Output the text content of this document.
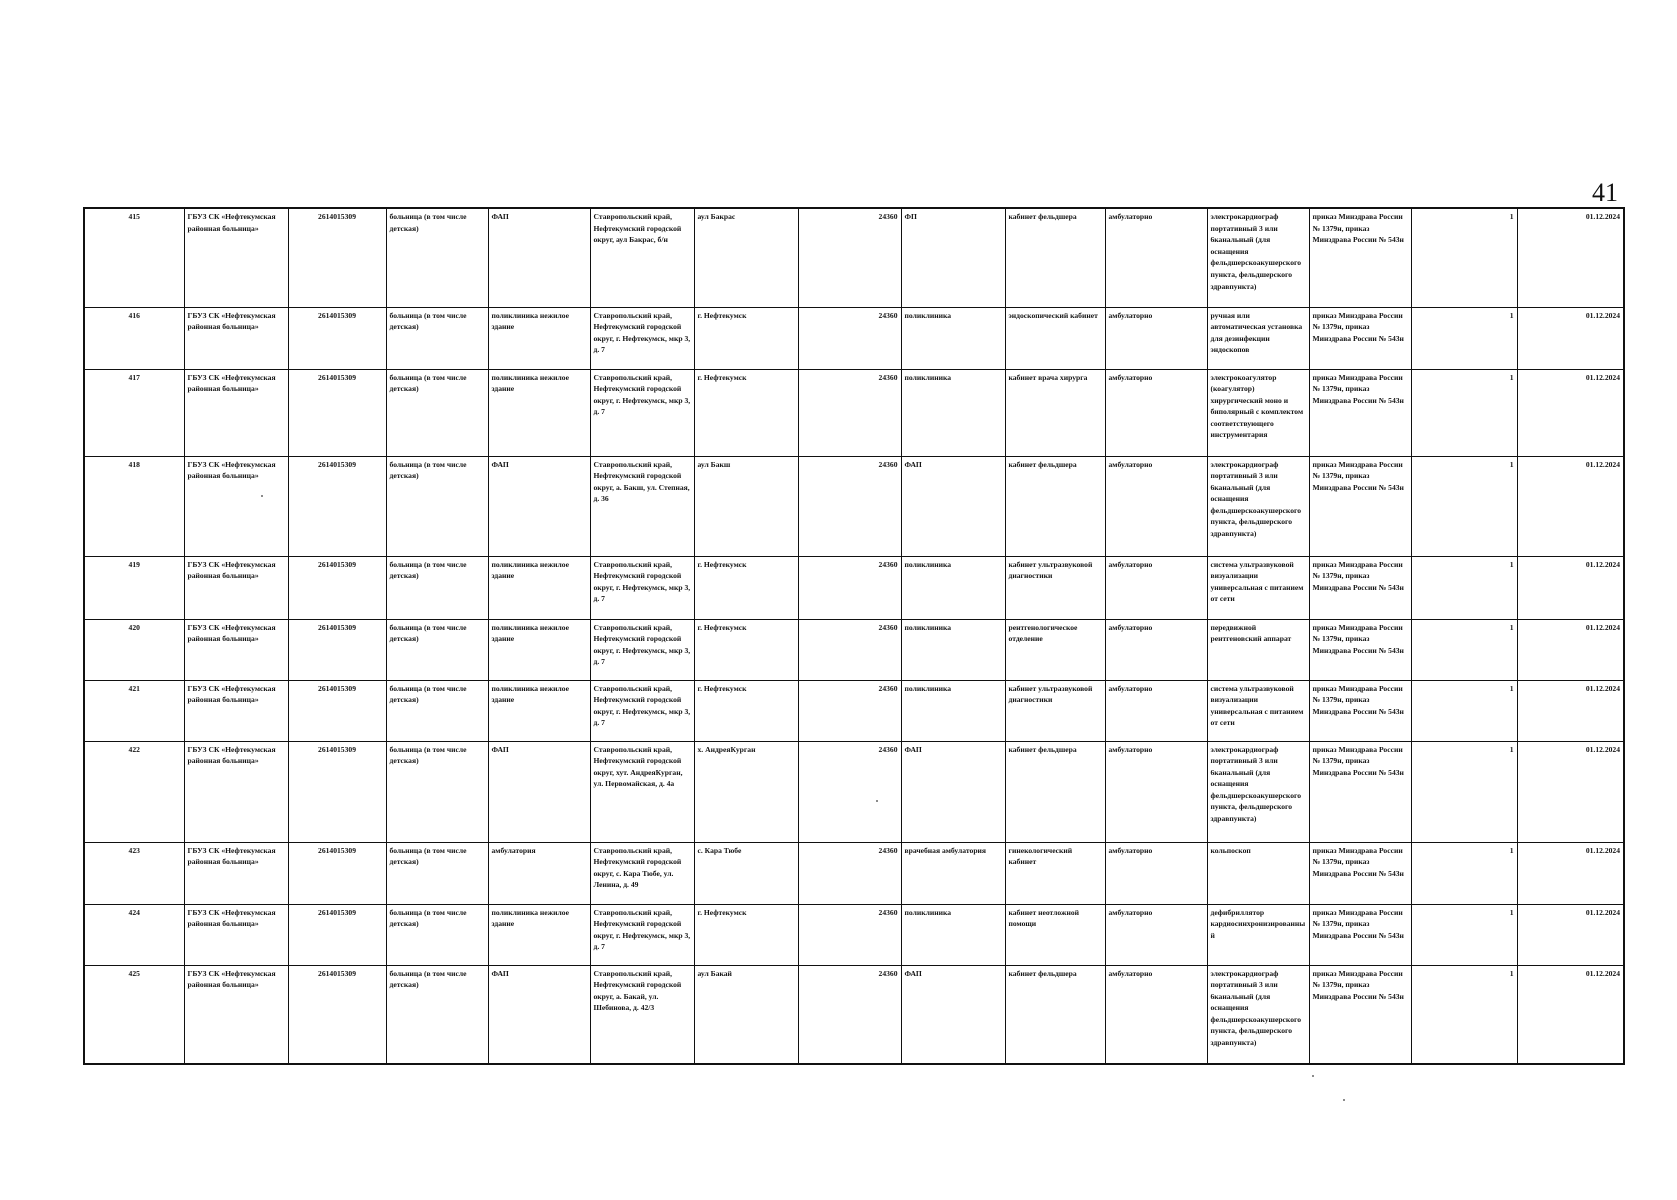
41
415	ГБУЗ СК «Нефтекумская районная больница»	2614015309	больница (в том числе детская)	ФАП	Ставропольский край, Нефтекумский городской округ, аул Бакрас, б/н	аул Бакрас	24360	ФП	кабинет фельдшера	амбулаторно	электрокардиограф портативный 3 или 6канальный (для оснащения фельдшерскоакушерского пункта, фельдшерского здравпункта)	приказ Минздрава России № 1379н, приказ Минздрава России № 543н	1	01.12.2024
416	ГБУЗ СК «Нефтекумская районная больница»	2614015309	больница (в том числе детская)	поликлиника нежилое здание	Ставропольский край, Нефтекумский городской округ, г. Нефтекумск, мкр 3, д. 7	г. Нефтекумск	24360	поликлиника	эндоскопический кабинет	амбулаторно	ручная или автоматическая установка для дезинфекции эндоскопов	приказ Минздрава России № 1379н, приказ Минздрава России № 543н	1	01.12.2024
417	ГБУЗ СК «Нефтекумская районная больница»	2614015309	больница (в том числе детская)	поликлиника нежилое здание	Ставропольский край, Нефтекумский городской округ, г. Нефтекумск, мкр 3, д. 7	г. Нефтекумск	24360	поликлиника	кабинет врача хирурга	амбулаторно	электрокоагулятор (коагулятор) хирургический моно и биполярный с комплектом соответствующего инструментария	приказ Минздрава России № 1379н, приказ Минздрава России № 543н	1	01.12.2024
418	ГБУЗ СК «Нефтекумская районная больница»	2614015309	больница (в том числе детская)	ФАП	Ставропольский край, Нефтекумский городской округ, а. Бакш, ул. Степная, д. 36	аул Бакш	24360	ФАП	кабинет фельдшера	амбулаторно	электрокардиограф портативный 3 или 6канальный (для оснащения фельдшерскоакушерского пункта, фельдшерского здравпункта)	приказ Минздрава России № 1379н, приказ Минздрава России № 543н	1	01.12.2024
419	ГБУЗ СК «Нефтекумская районная больница»	2614015309	больница (в том числе детская)	поликлиника нежилое здание	Ставропольский край, Нефтекумский городской округ, г. Нефтекумск, мкр 3, д. 7	г. Нефтекумск	24360	поликлиника	кабинет ультразвуковой диагностики	амбулаторно	система ультразвуковой визуализации универсальная с питанием от сети	приказ Минздрава России № 1379н, приказ Минздрава России № 543н	1	01.12.2024
420	ГБУЗ СК «Нефтекумская районная больница»	2614015309	больница (в том числе детская)	поликлиника нежилое здание	Ставропольский край, Нефтекумский городской округ, г. Нефтекумск, мкр 3, д. 7	г. Нефтекумск	24360	поликлиника	рентгенологическое отделение	амбулаторно	передвижной рентгеновский аппарат	приказ Минздрава России № 1379н, приказ Минздрава России № 543н	1	01.12.2024
421	ГБУЗ СК «Нефтекумская районная больница»	2614015309	больница (в том числе детская)	поликлиника нежилое здание	Ставропольский край, Нефтекумский городской округ, г. Нефтекумск, мкр 3, д. 7	г. Нефтекумск	24360	поликлиника	кабинет ультразвуковой диагностики	амбулаторно	система ультразвуковой визуализации универсальная с питанием от сети	приказ Минздрава России № 1379н, приказ Минздрава России № 543н	1	01.12.2024
422	ГБУЗ СК «Нефтекумская районная больница»	2614015309	больница (в том числе детская)	ФАП	Ставропольский край, Нефтекумский городской округ, хут. АндреяКурган, ул. Первомайская, д. 4а	х. АндреяКурган	24360	ФАП	кабинет фельдшера	амбулаторно	электрокардиограф портативный 3 или 6канальный (для оснащения фельдшерскоакушерского пункта, фельдшерского здравпункта)	приказ Минздрава России № 1379н, приказ Минздрава России № 543н	1	01.12.2024
423	ГБУЗ СК «Нефтекумская районная больница»	2614015309	больница (в том числе детская)	амбулатория	Ставропольский край, Нефтекумский городской округ, с. Кара Тюбе, ул. Ленина, д. 49	с. Кара Тюбе	24360	врачебная амбулатория	гинекологический кабинет	амбулаторно	кольпоскоп	приказ Минздрава России № 1379н, приказ Минздрава России № 543н	1	01.12.2024
424	ГБУЗ СК «Нефтекумская районная больница»	2614015309	больница (в том числе детская)	поликлиника нежилое здание	Ставропольский край, Нефтекумский городской округ, г. Нефтекумск, мкр 3, д. 7	г. Нефтекумск	24360	поликлиника	кабинет неотложной помощи	амбулаторно	дефибриллятор кардиосинхронизированный	приказ Минздрава России № 1379н, приказ Минздрава России № 543н	1	01.12.2024
425	ГБУЗ СК «Нефтекумская районная больница»	2614015309	больница (в том числе детская)	ФАП	Ставропольский край, Нефтекумский городской округ, а. Бакай, ул. Шебинова, д. 42/3	аул Бакай	24360	ФАП	кабинет фельдшера	амбулаторно	электрокардиограф портативный 3 или 6канальный (для оснащения фельдшерскоакушерского пункта, фельдшерского здравпункта)	приказ Минздрава России № 1379н, приказ Минздрава России № 543н	1	01.12.2024
